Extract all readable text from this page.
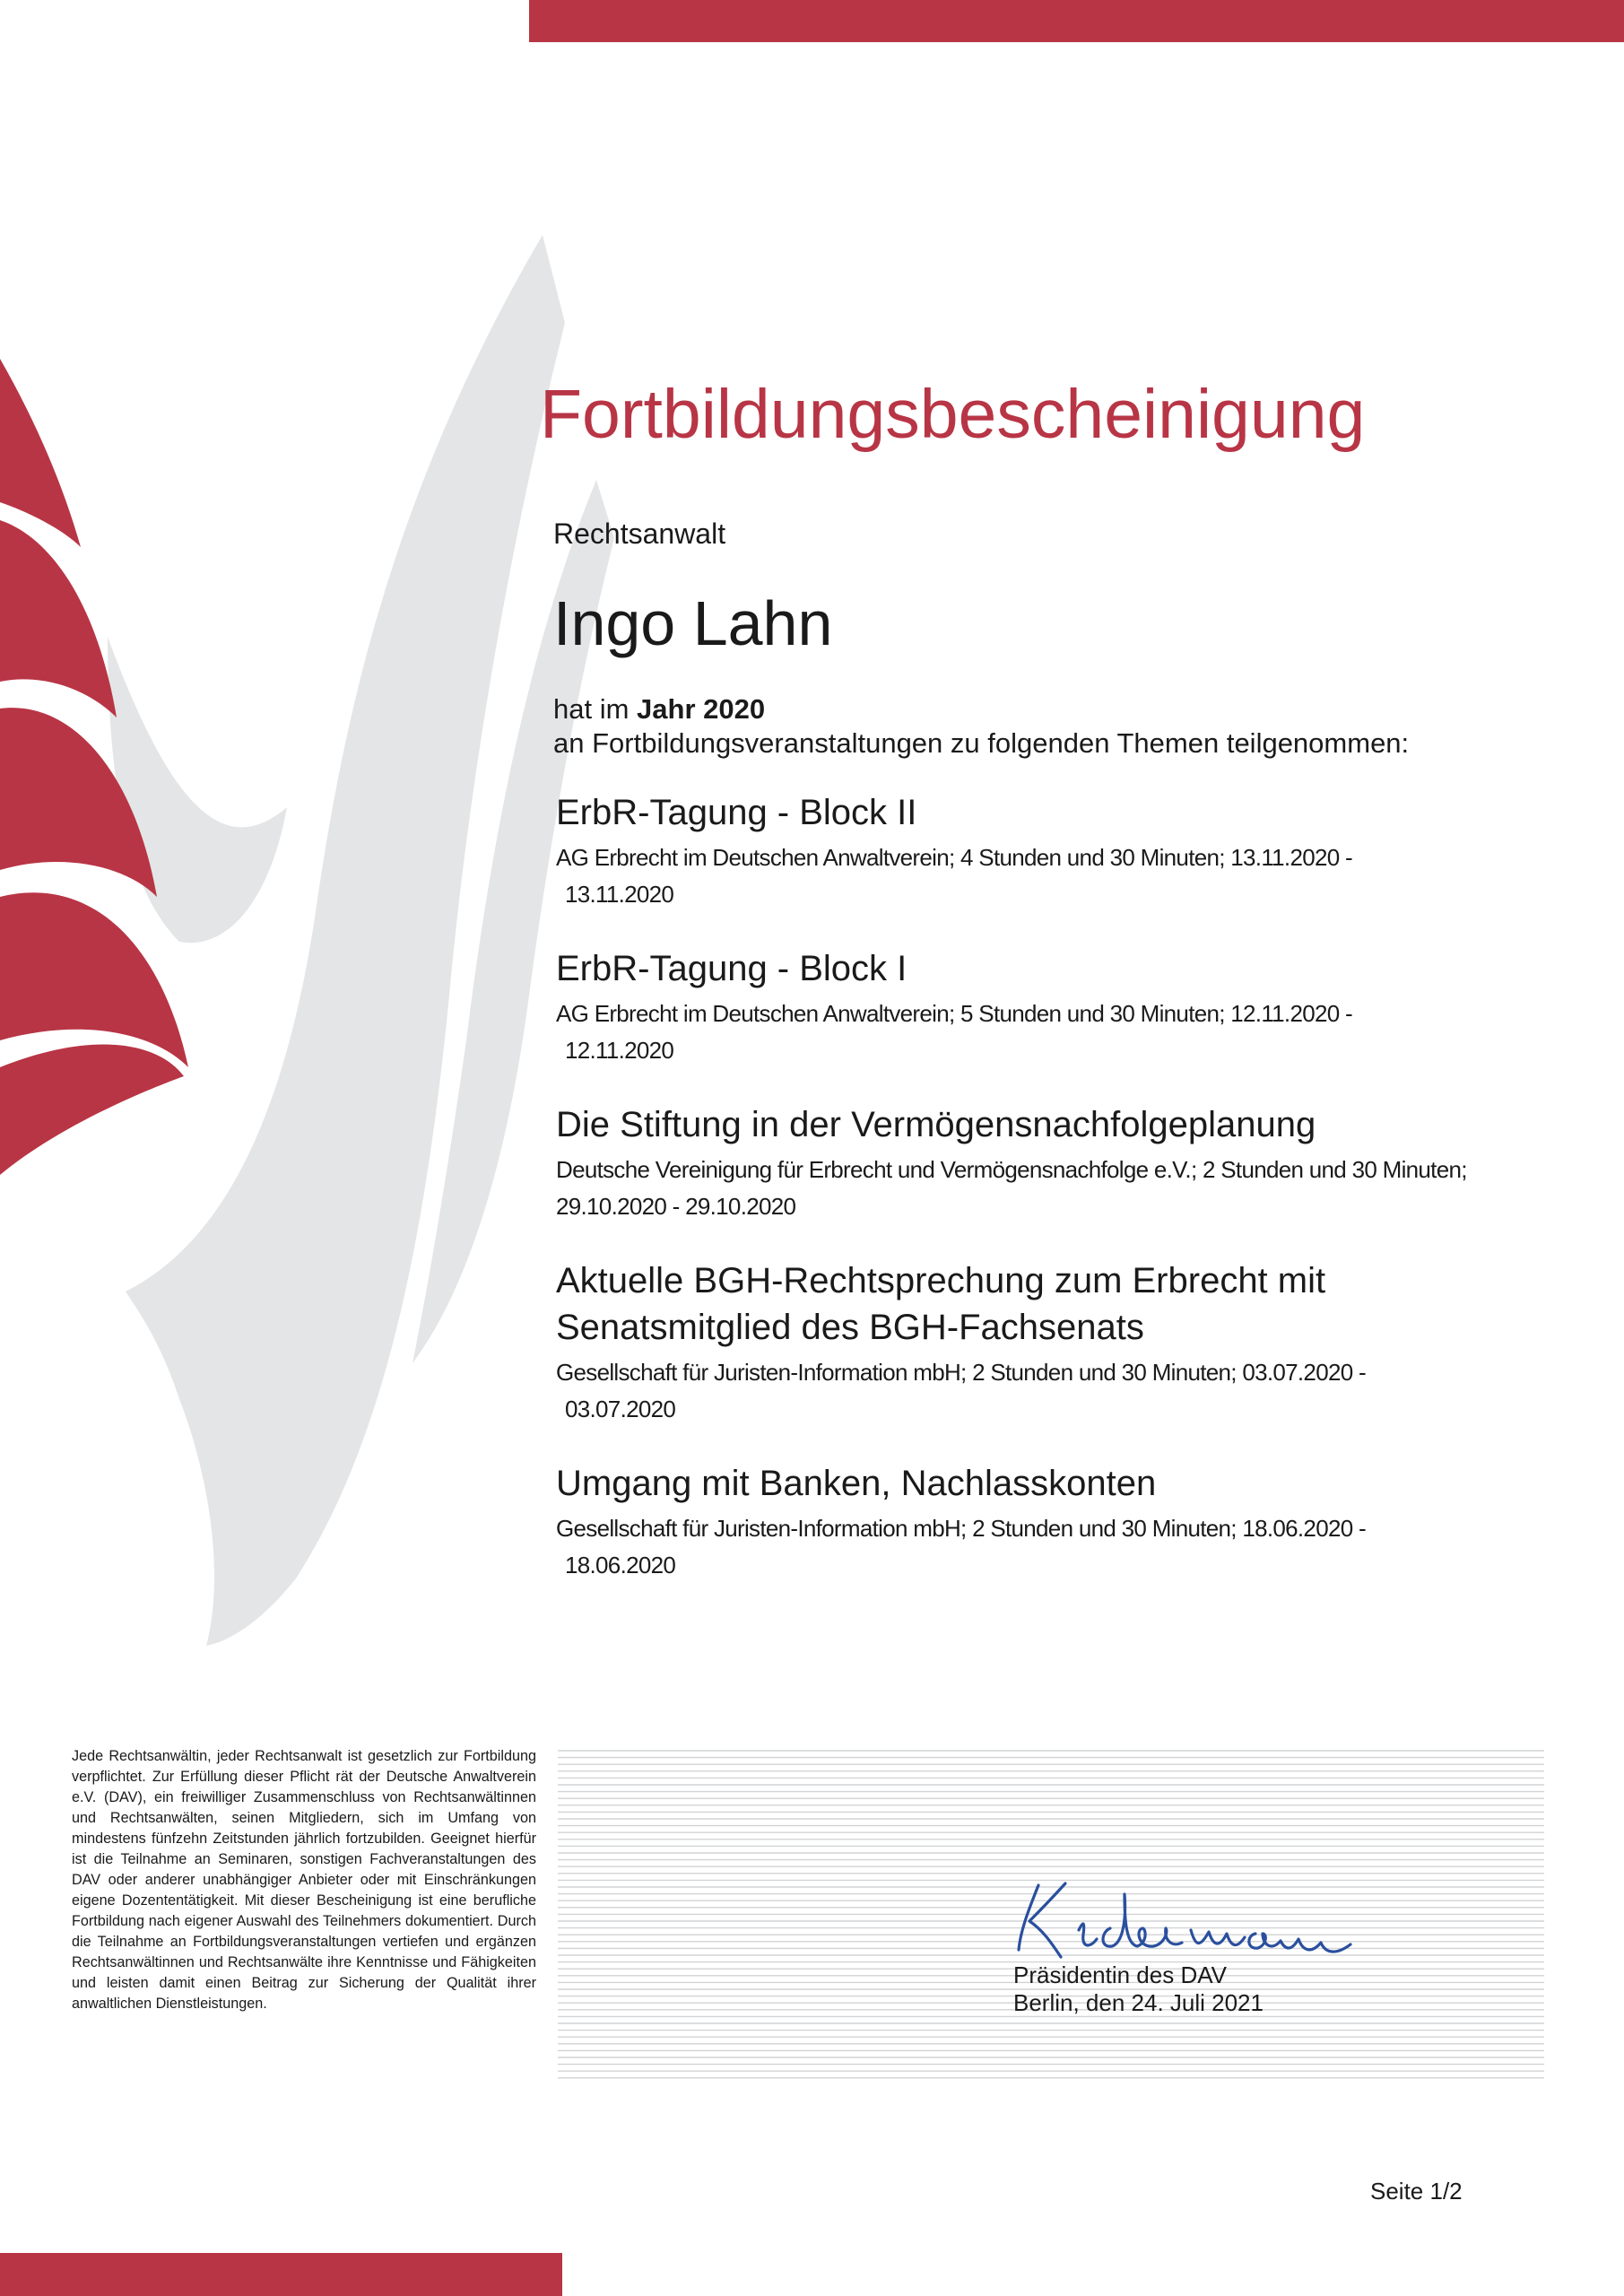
Fortbildungsbescheinigung
Rechtsanwalt
Ingo Lahn
hat im Jahr 2020
an Fortbildungsveranstaltungen zu folgenden Themen teilgenommen:
ErbR-Tagung - Block II
AG Erbrecht im Deutschen Anwaltverein; 4 Stunden und 30 Minuten; 13.11.2020 -
13.11.2020
ErbR-Tagung - Block I
AG Erbrecht im Deutschen Anwaltverein; 5 Stunden und 30 Minuten; 12.11.2020 -
12.11.2020
Die Stiftung in der Vermögensnachfolgeplanung
Deutsche Vereinigung für Erbrecht und Vermögensnachfolge e.V.; 2 Stunden und 30 Minuten;
29.10.2020 - 29.10.2020
Aktuelle BGH-Rechtsprechung zum Erbrecht mit
Senatsmitglied des BGH-Fachsenats
Gesellschaft für Juristen-Information mbH; 2 Stunden und 30 Minuten; 03.07.2020 -
03.07.2020
Umgang mit Banken, Nachlasskonten
Gesellschaft für Juristen-Information mbH; 2 Stunden und 30 Minuten; 18.06.2020 -
18.06.2020
Jede Rechtsanwältin, jeder Rechtsanwalt ist gesetzlich zur Fortbildung verpflichtet. Zur Erfüllung dieser Pflicht rät der Deutsche Anwaltverein e.V. (DAV), ein freiwilliger Zusammenschluss von Rechtsanwältinnen und Rechtsanwälten, seinen Mitgliedern, sich im Umfang von mindestens fünfzehn Zeitstunden jährlich fortzubilden. Geeignet hierfür ist die Teilnahme an Seminaren, sonstigen Fachveranstaltungen des DAV oder anderer unabhängiger Anbieter oder mit Einschränkungen eigene Dozententätigkeit. Mit dieser Bescheinigung ist eine berufliche Fortbildung nach eigener Auswahl des Teilnehmers dokumentiert. Durch die Teilnahme an Fortbildungsveranstaltungen vertiefen und ergänzen Rechtsanwältinnen und Rechtsanwälte ihre Kenntnisse und Fähigkeiten und leisten damit einen Beitrag zur Sicherung der Qualität ihrer anwaltlichen Dienstleistungen.
Präsidentin des DAV
Berlin, den 24. Juli 2021
Seite 1/2
